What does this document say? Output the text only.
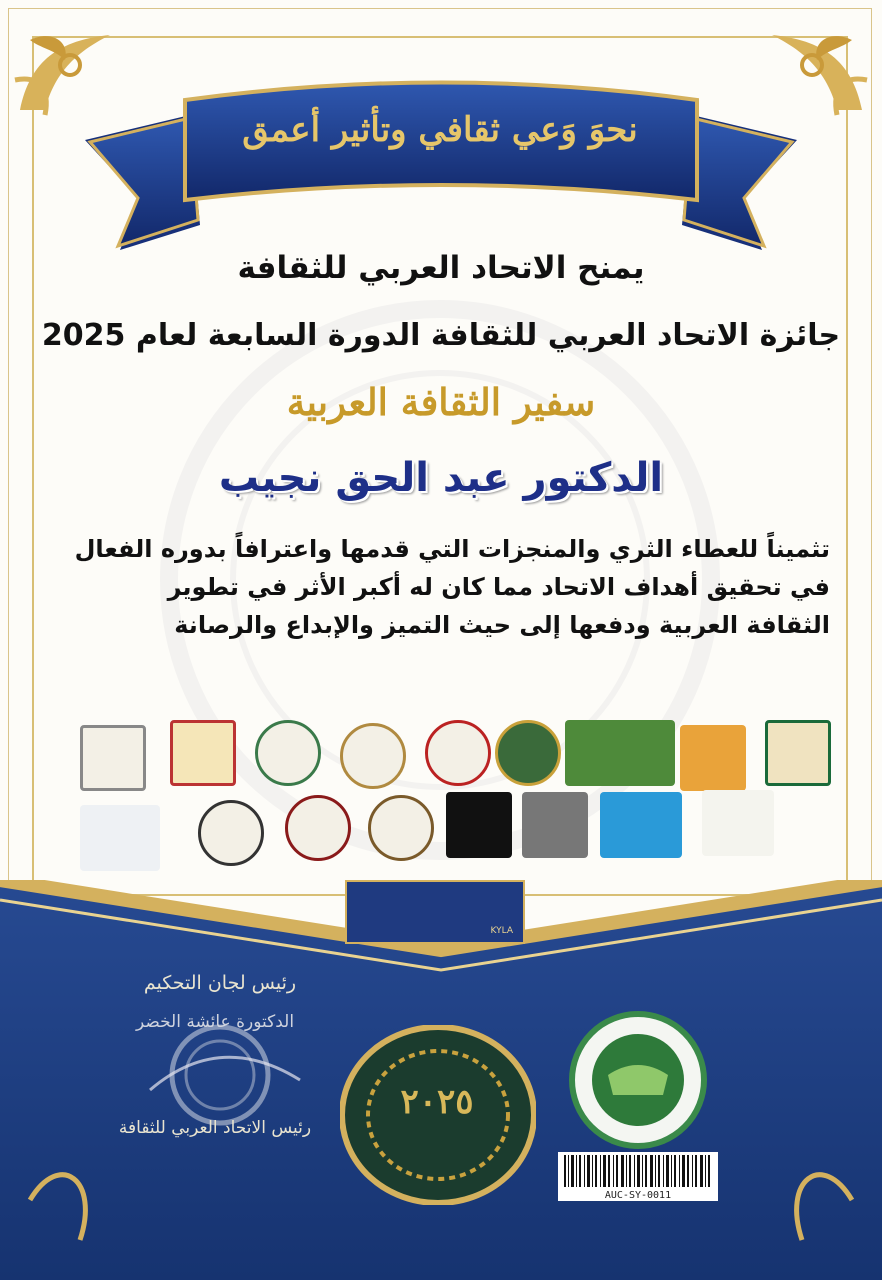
نحوَ وَعي ثقافي وتأثير أعمق
يمنح الاتحاد العربي للثقافة
جائزة الاتحاد العربي للثقافة الدورة السابعة لعام 2025
سفير الثقافة العربية
الدكتور عبد الحق نجيب
تثميناً للعطاء الثري والمنجزات التي قدمها واعترافاً بدوره الفعال
في تحقيق أهداف الاتحاد مما كان له أكبر الأثر في تطوير
الثقافة العربية ودفعها إلى حيث التميز والإبداع والرصانة
KYLA
رئيس لجان التحكيم
الدكتورة عائشة الخضر
رئيس الاتحاد العربي للثقافة
٢٠٢٥
AUC-SY-0011
